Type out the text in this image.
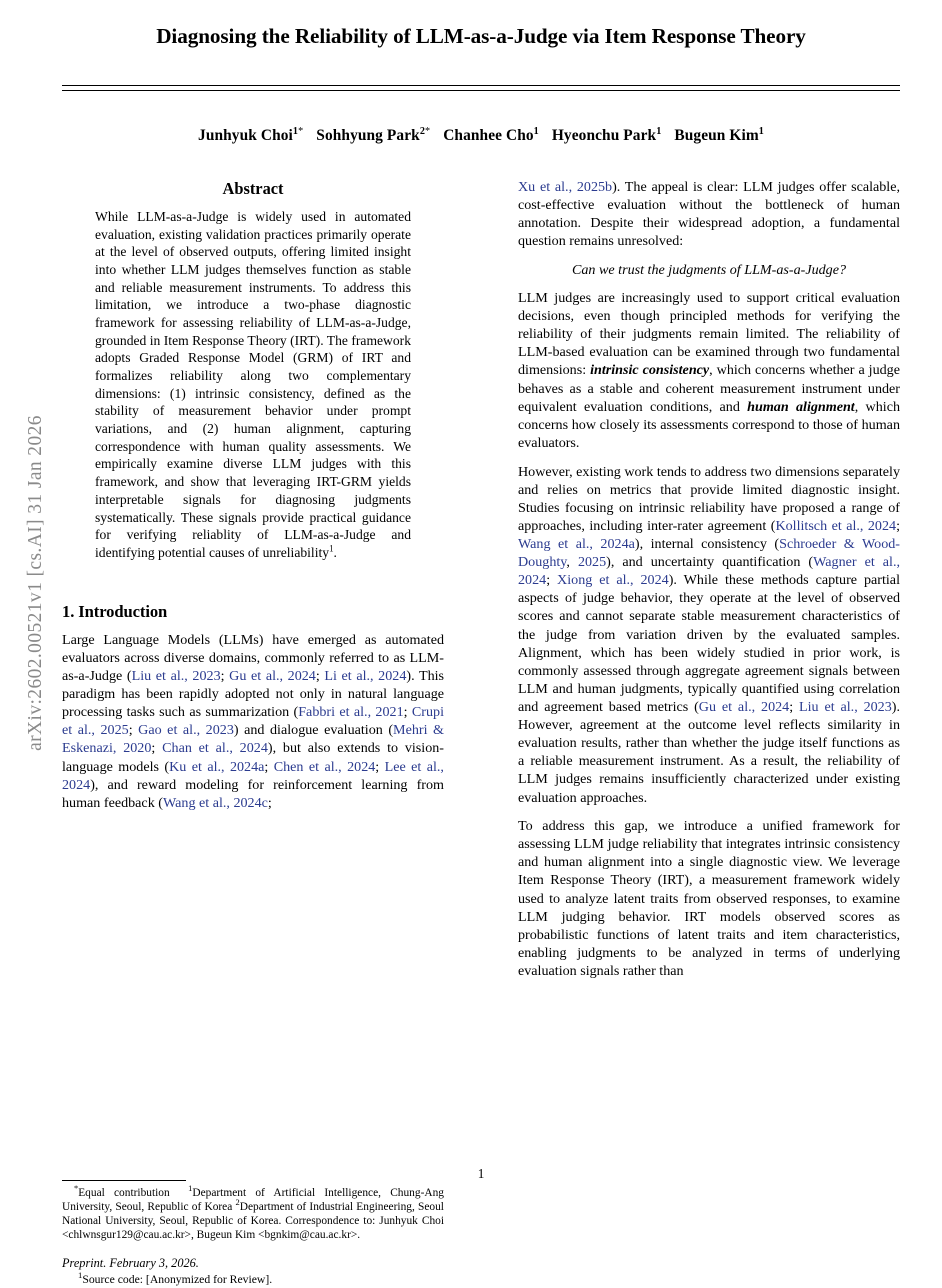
arXiv:2602.00521v1 [cs.AI] 31 Jan 2026
Diagnosing the Reliability of LLM-as-a-Judge via Item Response Theory
Junhyuk Choi$^{1*}$ Sohhyung Park$^{2*}$ Chanhee Cho$^1$ Hyeonchu Park$^1$ Bugeun Kim$^1$
Abstract

While LLM-as-a-Judge is widely used in automated evaluation, existing validation practices primarily operate at the level of observed outputs, offering limited insight into whether LLM judges themselves function as stable and reliable measurement instruments. To address this limitation, we introduce a two-phase diagnostic framework for assessing reliability of LLM-as-a-Judge, grounded in Item Response Theory (IRT). The framework adopts Graded Response Model (GRM) of IRT and formalizes reliability along two complementary dimensions: (1) intrinsic consistency, defined as the stability of measurement behavior under prompt variations, and (2) human alignment, capturing correspondence with human quality assessments. We empirically examine diverse LLM judges with this framework, and show that leveraging IRT-GRM yields interpretable signals for diagnosing judgments systematically. These signals provide practical guidance for verifying reliablity of LLM-as-a-Judge and identifying potential causes of unreliability$^1$.

1. Introduction

Large Language Models (LLMs) have emerged as automated evaluators across diverse domains, commonly referred to as LLM-as-a-Judge (Liu et al., 2023; Gu et al., 2024; Li et al., 2024). This paradigm has been rapidly adopted not only in natural language processing tasks such as summarization (Fabbri et al., 2021; Crupi et al., 2025; Gao et al., 2023) and dialogue evaluation (Mehri & Eskenazi, 2020; Chan et al., 2024), but also extends to vision-language models (Ku et al., 2024a; Chen et al., 2024; Lee et al., 2024), and reward modeling for reinforcement learning from human feedback (Wang et al., 2024c;

Xu et al., 2025b). The appeal is clear: LLM judges offer scalable, cost-effective evaluation without the bottleneck of human annotation. Despite their widespread adoption, a fundamental question remains unresolved:

Can we trust the judgments of LLM-as-a-Judge?

LLM judges are increasingly used to support critical evaluation decisions, even though principled methods for verifying the reliability of their judgments remain limited. The reliability of LLM-based evaluation can be examined through two fundamental dimensions: intrinsic consistency, which concerns whether a judge behaves as a stable and coherent measurement instrument under equivalent evaluation conditions, and human alignment, which concerns how closely its assessments correspond to those of human evaluators.

However, existing work tends to address two dimensions separately and relies on metrics that provide limited diagnostic insight. Studies focusing on intrinsic reliability have proposed a range of approaches, including inter-rater agreement (Kollitsch et al., 2024; Wang et al., 2024a), internal consistency (Schroeder & Wood-Doughty, 2025), and uncertainty quantification (Wagner et al., 2024; Xiong et al., 2024). While these methods capture partial aspects of judge behavior, they operate at the level of observed scores and cannot separate stable measurement characteristics of the judge from variation driven by the evaluated samples. Alignment, which has been widely studied in prior work, is commonly assessed through aggregate agreement signals between LLM and human judgments, typically quantified using correlation and agreement based metrics (Gu et al., 2024; Liu et al., 2023). However, agreement at the outcome level reflects similarity in evaluation results, rather than whether the judge itself functions as a reliable measurement instrument. As a result, the reliability of LLM judges remains insufficiently characterized under existing evaluation approaches.

To address this gap, we introduce a unified framework for assessing LLM judge reliability that integrates intrinsic consistency and human alignment into a single diagnostic view. We leverage Item Response Theory (IRT), a measurement framework widely used to analyze latent traits from observed responses, to examine LLM judging behavior. IRT models observed scores as probabilistic functions of latent traits and item characteristics, enabling judgments to be analyzed in terms of underlying evaluation signals rather than

*Equal contribution $^1$Department of Artificial Intelligence, Chung-Ang University, Seoul, Republic of Korea $^2$Department of Industrial Engineering, Seoul National University, Seoul, Republic of Korea. Correspondence to: Junhyuk Choi <chlwnsgur129@cau.ac.kr>, Bugeun Kim <bgnkim@cau.ac.kr>.

Preprint. February 3, 2026.

$^1$Source code: [Anonymized for Review].

1
